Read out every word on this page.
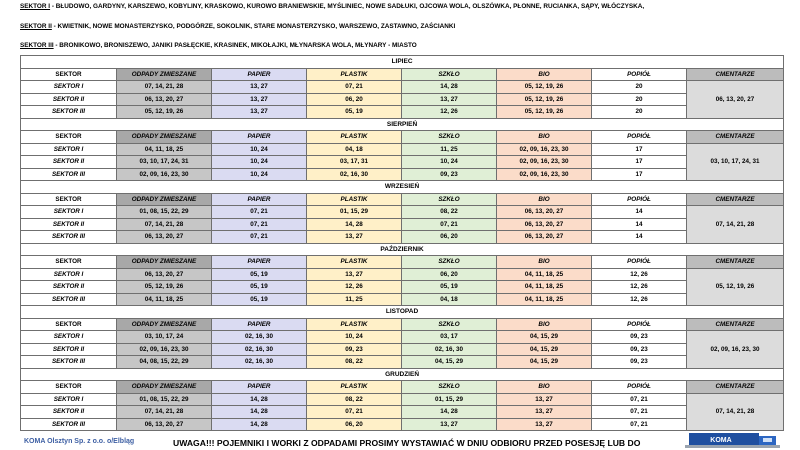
SEKTOR I - BŁUDOWO, GARDYNY, KARSZEWO, KOBYLINY, KRASKOWO, KUROWO BRANIEWSKIE, MYŚLINIEC, NOWE SADŁUKI, OJCOWA WOLA, OLSZÓWKA, PŁONNE, RUCIANKA, SĄPY, WŁÓCZYSKA,
SEKTOR II - KWIETNIK, NOWE MONASTERZYSKO, PODGÓRZE, SOKOLNIK, STARE MONASTERZYSKO, WARSZEWO, ZASTAWNO, ZAŚCIANKI
SEKTOR III - BRONIKOWO, BRONISZEWO, JANIKI PASŁĘCKIE, KRASINEK, MIKOŁAJKI, MŁYNARSKA WOLA, MŁYNARY - MIASTO
LIPIEC							
SEKTOR	ODPADY ZMIESZANE	PAPIER	PLASTIK	SZKŁO	BIO	POPIÓŁ	CMENTARZE
SEKTOR I	07, 14, 21, 28	13, 27	07, 21	14, 28	05, 12, 19, 26	20	06, 13, 20, 27
SEKTOR II	06, 13, 20, 27	13, 27	06, 20	13, 27	05, 12, 19, 26	20	
SEKTOR III	05, 12, 19, 26	13, 27	05, 19	12, 26	05, 12, 19, 26	20	
SIERPIEŃ							
SEKTOR	ODPADY ZMIESZANE	PAPIER	PLASTIK	SZKŁO	BIO	POPIÓŁ	CMENTARZE
SEKTOR I	04, 11, 18, 25	10, 24	04, 18	11, 25	02, 09, 16, 23, 30	17	03, 10, 17, 24, 31
SEKTOR II	03, 10, 17, 24, 31	10, 24	03, 17, 31	10, 24	02, 09, 16, 23, 30	17	
SEKTOR III	02, 09, 16, 23, 30	10, 24	02, 16, 30	09, 23	02, 09, 16, 23, 30	17	
WRZESIEŃ							
SEKTOR	ODPADY ZMIESZANE	PAPIER	PLASTIK	SZKŁO	BIO	POPIÓŁ	CMENTARZE
SEKTOR I	01, 08, 15, 22, 29	07, 21	01, 15, 29	08, 22	06, 13, 20, 27	14	07, 14, 21, 28
SEKTOR II	07, 14, 21, 28	07, 21	14, 28	07, 21	06, 13, 20, 27	14	
SEKTOR III	06, 13, 20, 27	07, 21	13, 27	06, 20	06, 13, 20, 27	14	
PAŹDZIERNIK							
SEKTOR	ODPADY ZMIESZANE	PAPIER	PLASTIK	SZKŁO	BIO	POPIÓŁ	CMENTARZE
SEKTOR I	06, 13, 20, 27	05, 19	13, 27	06, 20	04, 11, 18, 25	12, 26	05, 12, 19, 26
SEKTOR II	05, 12, 19, 26	05, 19	12, 26	05, 19	04, 11, 18, 25	12, 26	
SEKTOR III	04, 11, 18, 25	05, 19	11, 25	04, 18	04, 11, 18, 25	12, 26	
LISTOPAD							
SEKTOR	ODPADY ZMIESZANE	PAPIER	PLASTIK	SZKŁO	BIO	POPIÓŁ	CMENTARZE
SEKTOR I	03, 10, 17, 24	02, 16, 30	10, 24	03, 17	04, 15, 29	09, 23	02, 09, 16, 23, 30
SEKTOR II	02, 09, 16, 23, 30	02, 16, 30	09, 23	02, 16, 30	04, 15, 29	09, 23	
SEKTOR III	04, 08, 15, 22, 29	02, 16, 30	08, 22	04, 15, 29	04, 15, 29	09, 23	
GRUDZIEŃ							
SEKTOR	ODPADY ZMIESZANE	PAPIER	PLASTIK	SZKŁO	BIO	POPIÓŁ	CMENTARZE
SEKTOR I	01, 08, 15, 22, 29	14, 28	08, 22	01, 15, 29	13, 27	07, 21	07, 14, 21, 28
SEKTOR II	07, 14, 21, 28	14, 28	07, 21	14, 28	13, 27	07, 21	
SEKTOR III	06, 13, 20, 27	14, 28	06, 20	13, 27	13, 27	07, 21	
KOMA Olsztyn Sp. z o.o. o/Elbląg	UWAGA!!! POJEMNIKI I WORKI Z ODPADAMI PROSIMY WYSTAWIAĆ W DNIU ODBIORU PRZED POSESJĘ LUB DO	KOMA
